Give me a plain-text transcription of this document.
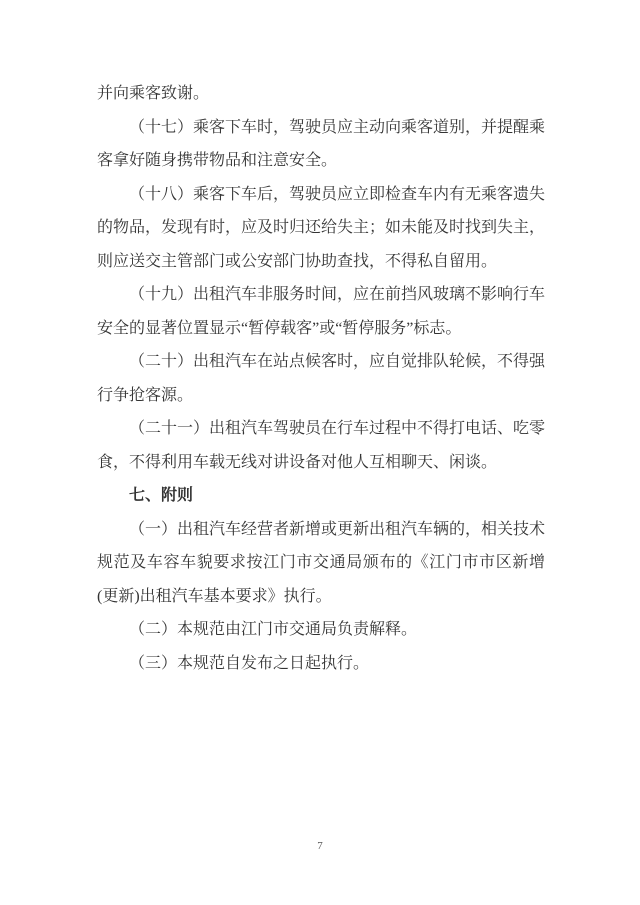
并向乘客致谢。

（十七）乘客下车时，驾驶员应主动向乘客道别，并提醒乘客拿好随身携带物品和注意安全。

（十八）乘客下车后，驾驶员应立即检查车内有无乘客遗失的物品，发现有时，应及时归还给失主；如未能及时找到失主，则应送交主管部门或公安部门协助查找，不得私自留用。

（十九）出租汽车非服务时间，应在前挡风玻璃不影响行车安全的显著位置显示“暂停载客”或“暂停服务”标志。

（二十）出租汽车在站点候客时，应自觉排队轮候，不得强行争抢客源。

（二十一）出租汽车驾驶员在行车过程中不得打电话、吃零食，不得利用车载无线对讲设备对他人互相聊天、闲谈。

七、附则

（一）出租汽车经营者新增或更新出租汽车辆的，相关技术规范及车容车貌要求按江门市交通局颁布的《江门市市区新增(更新)出租汽车基本要求》执行。

（二）本规范由江门市交通局负责解释。

（三）本规范自发布之日起执行。

7
